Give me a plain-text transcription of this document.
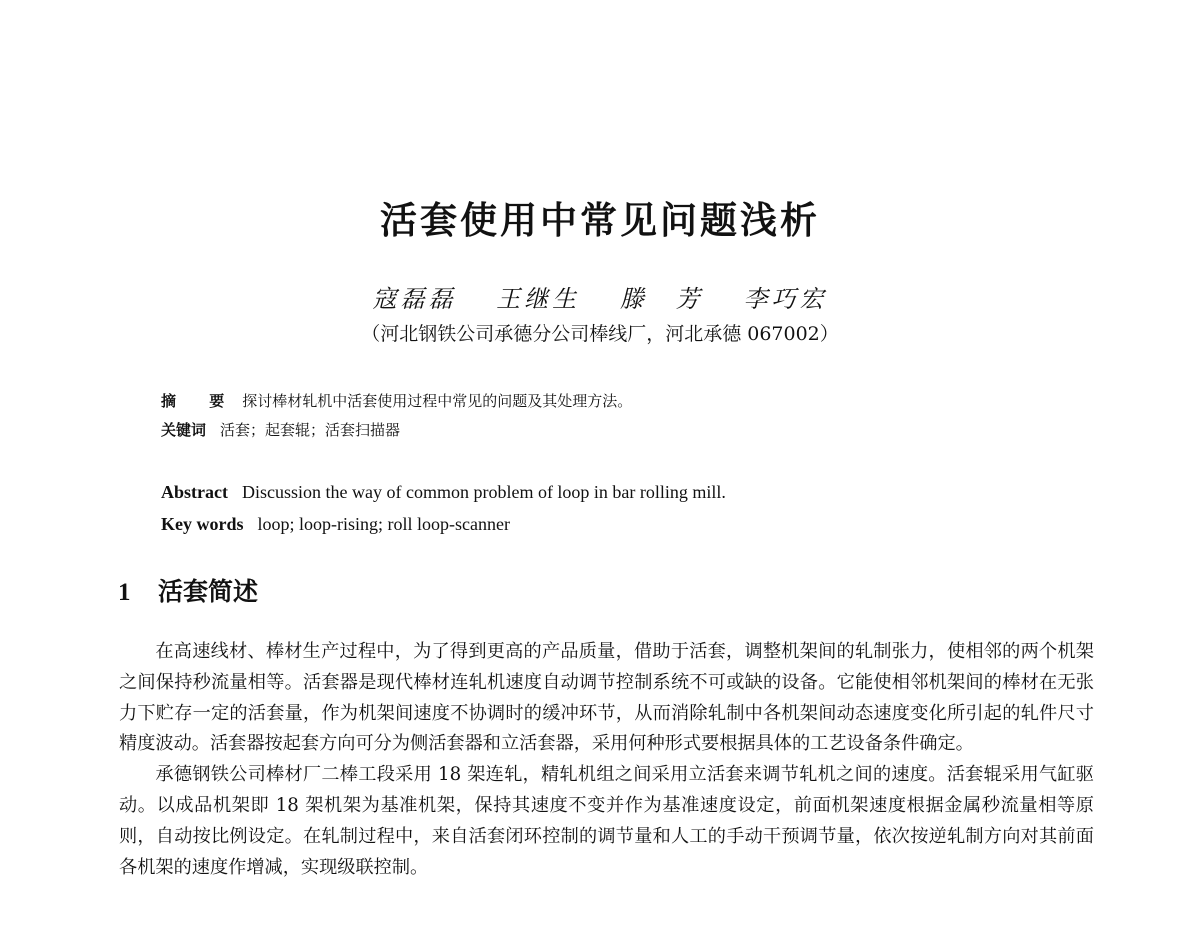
活套使用中常见问题浅析
寇磊磊 王继生 滕　芳 李巧宏
（河北钢铁公司承德分公司棒线厂，河北承德 067002）
摘 要 探讨棒材轧机中活套使用过程中常见的问题及其处理方法。
关键词 活套；起套辊；活套扫描器
Abstract Discussion the way of common problem of loop in bar rolling mill.
Key words loop; loop-rising; roll loop-scanner
1 活套简述

在高速线材、棒材生产过程中，为了得到更高的产品质量，借助于活套，调整机架间的轧制张力，使相邻的两个机架之间保持秒流量相等。活套器是现代棒材连轧机速度自动调节控制系统不可或缺的设备。它能使相邻机架间的棒材在无张力下贮存一定的活套量，作为机架间速度不协调时的缓冲环节，从而消除轧制中各机架间动态速度变化所引起的轧件尺寸精度波动。活套器按起套方向可分为侧活套器和立活套器，采用何种形式要根据具体的工艺设备条件确定。

承德钢铁公司棒材厂二棒工段采用 18 架连轧，精轧机组之间采用立活套来调节轧机之间的速度。活套辊采用气缸驱动。以成品机架即 18 架机架为基准机架，保持其速度不变并作为基准速度设定，前面机架速度根据金属秒流量相等原则，自动按比例设定。在轧制过程中，来自活套闭环控制的调节量和人工的手动干预调节量，依次按逆轧制方向对其前面各机架的速度作增减，实现级联控制。
